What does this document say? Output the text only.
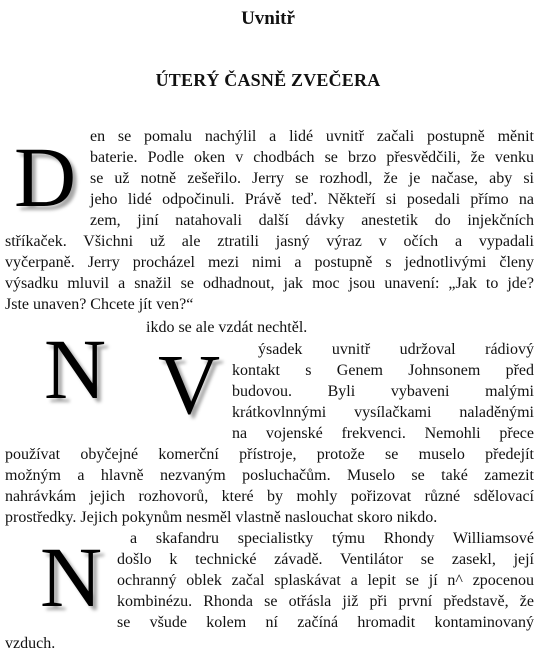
Uvnitř
ÚTERÝ ČASNĚ ZVEČERA
D en se pomalu nachýlil a lidé uvnitř začali postupně měnit
baterie. Podle oken v chodbách se brzo přesvědčili, že venku
se už notně zešeřilo. Jerry se rozhodl, že je načase, aby si
jeho lidé odpočinuli. Právě teď. Někteří si posedali přímo na
zem, jiní natahovali další dávky anestetik do injekčních
stříkaček. Všichni už ale ztratili jasný výraz v očích a vypadali
vyčerpaně. Jerry procházel mezi nimi a postupně s jednotlivými členy
výsadku mluvil a snažil se odhadnout, jak moc jsou unavení: „Jak to jde?
Jste unaven? Chcete jít ven?“
N ikdo se ale vzdát nechtěl.
V ýsadek uvnitř udržoval rádiový
kontakt s Genem Johnsonem před
budovou. Byli vybaveni malými
krátkovlnnými vysílačkami naladěnými
na vojenské frekvenci. Nemohli přece
používat obyčejné komerční přístroje, protože se muselo předejít
možným a hlavně nezvaným posluchačům. Muselo se také zamezit
nahrávkám jejich rozhovorů, které by mohly pořizovat různé sdělovací
prostředky. Jejich pokynům nesměl vlastně naslouchat skoro nikdo.
N a skafandru specialistky týmu Rhondy Williamsové
došlo k technické závadě. Ventilátor se zasekl, její
ochranný oblek začal splaskávat a lepit se jí n^ zpocenou
kombinézu. Rhonda se otřásla již při první představě, že
se všude kolem ní začíná hromadit kontaminovaný
vzduch.
